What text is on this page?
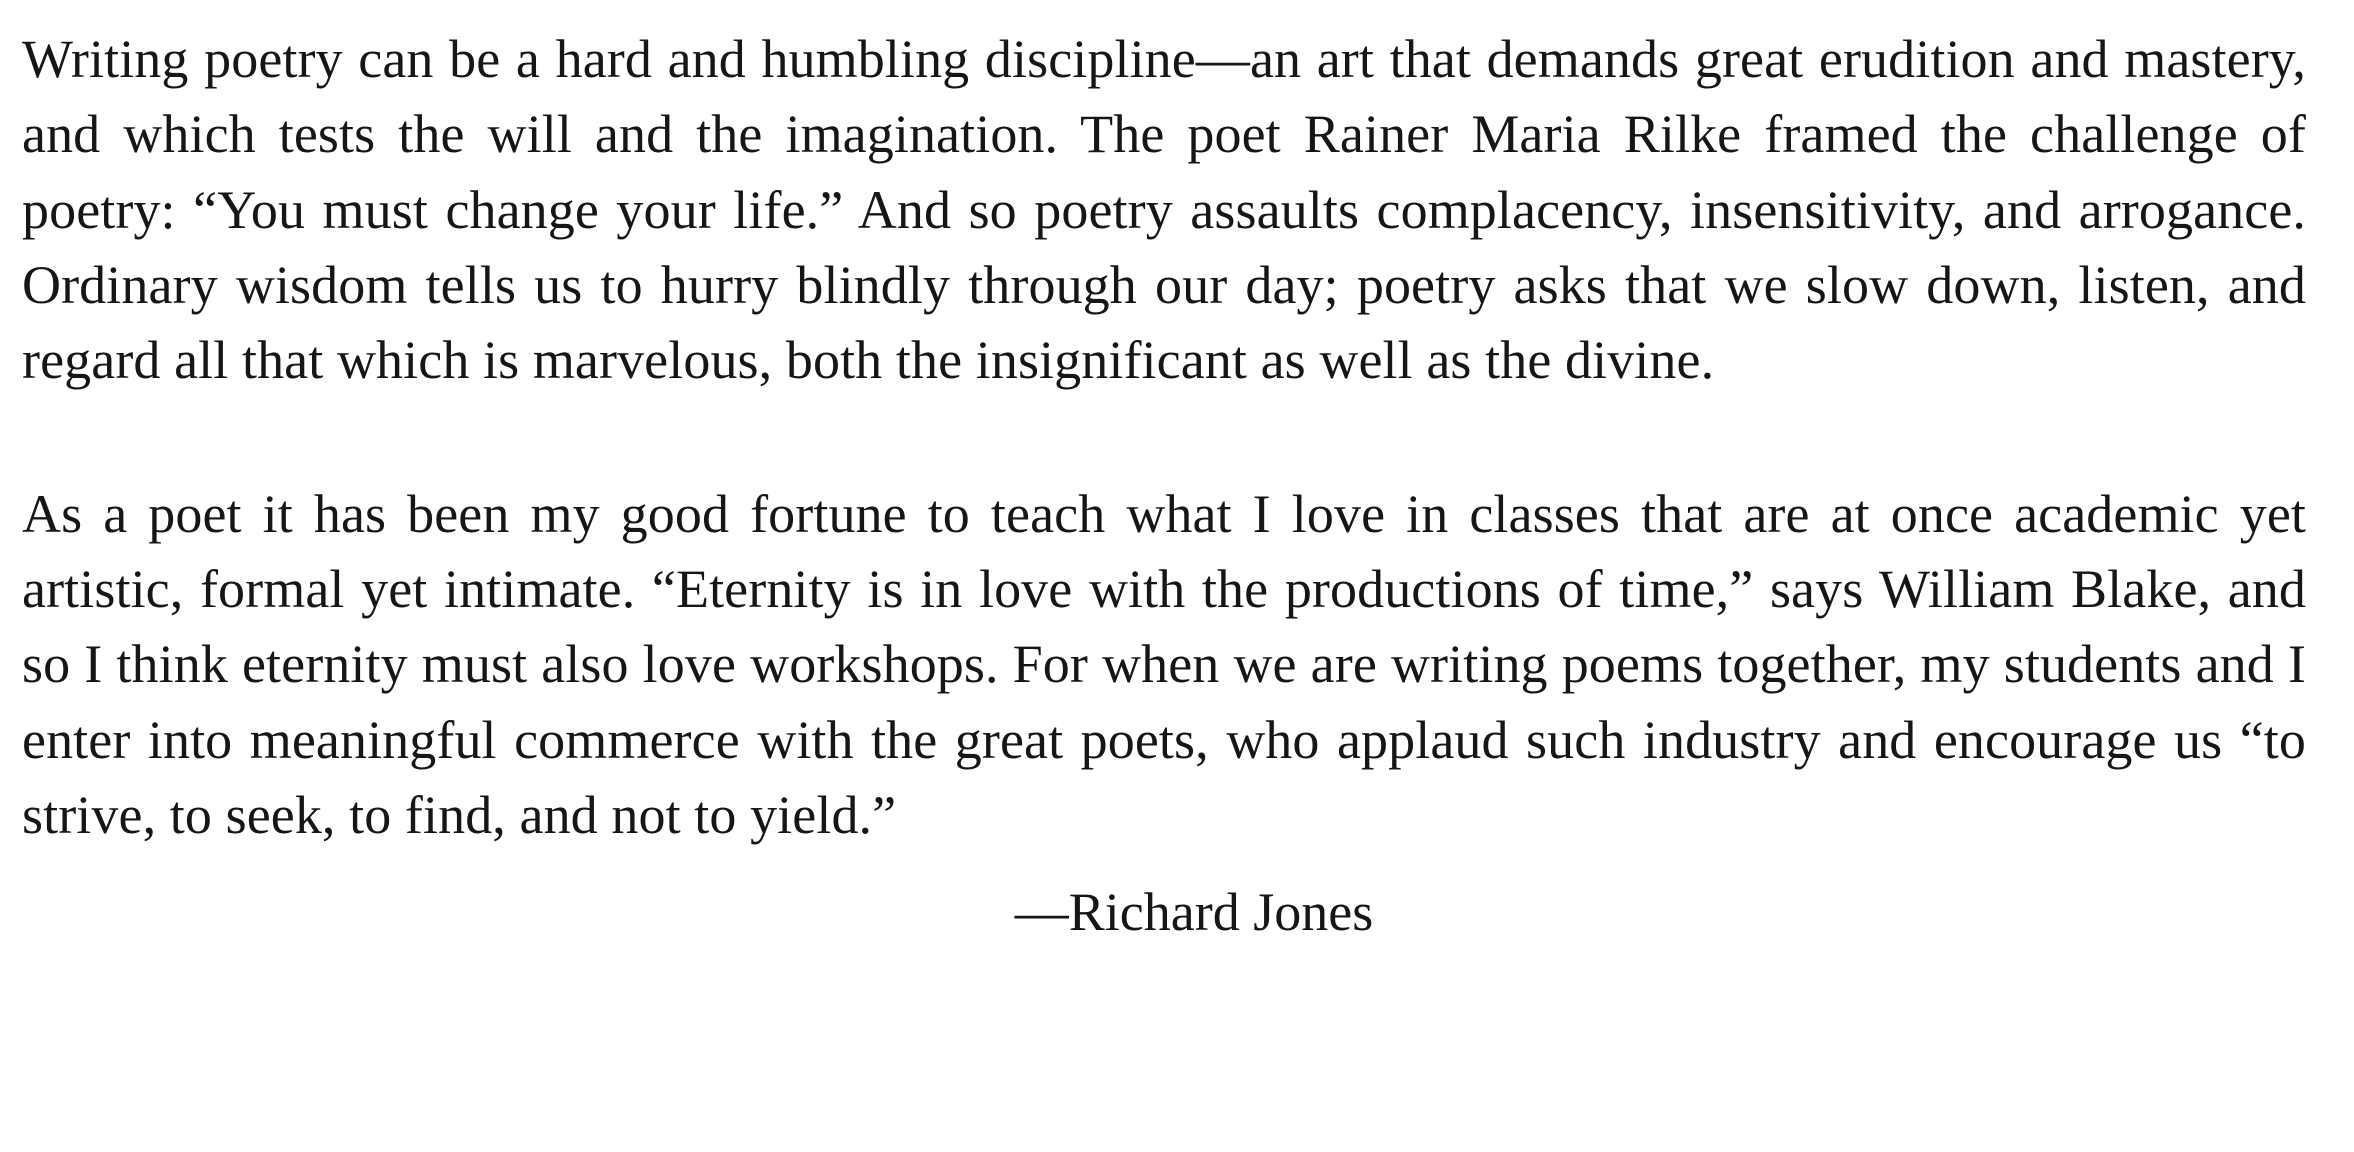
Writing poetry can be a hard and humbling discipline—an art that demands great erudition and mastery, and which tests the will and the imagination. The poet Rainer Maria Rilke framed the challenge of poetry: “You must change your life.” And so poetry assaults complacency, insensitivity, and arrogance. Ordinary wisdom tells us to hurry blindly through our day; poetry asks that we slow down, listen, and regard all that which is marvelous, both the insignificant as well as the divine.

As a poet it has been my good fortune to teach what I love in classes that are at once academic yet artistic, formal yet intimate. “Eternity is in love with the productions of time,” says William Blake, and so I think eternity must also love workshops. For when we are writing poems together, my students and I enter into meaningful commerce with the great poets, who applaud such industry and encourage us “to strive, to seek, to find, and not to yield.”

—Richard Jones
